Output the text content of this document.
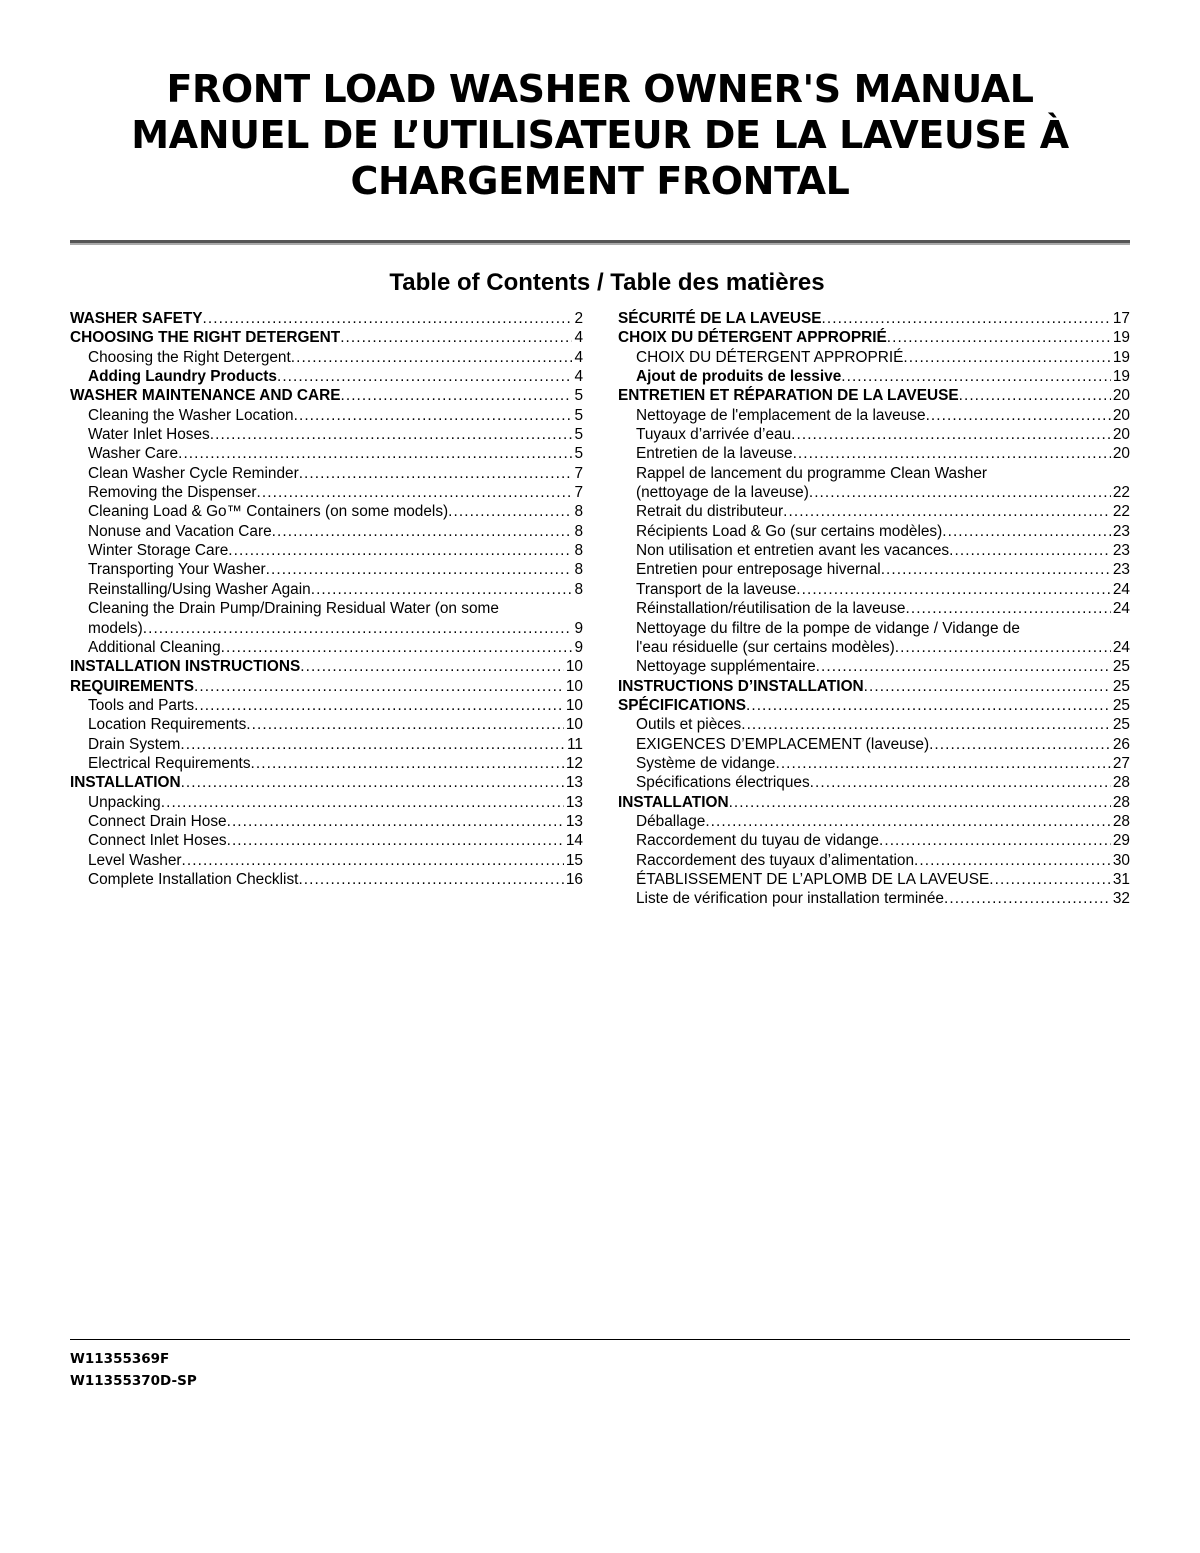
FRONT LOAD WASHER OWNER'S MANUAL
MANUEL DE L’UTILISATEUR DE LA LAVEUSE À
CHARGEMENT FRONTAL
Table of Contents / Table des matières
WASHER SAFETY . . .	2
CHOOSING THE RIGHT DETERGENT . . .	4
Choosing the Right Detergent . . .	4
Adding Laundry Products . . .	4
WASHER MAINTENANCE AND CARE . . .	5
Cleaning the Washer Location . . .	5
Water Inlet Hoses . . .	5
Washer Care . . .	5
Clean Washer Cycle Reminder . . .	7
Removing the Dispenser . . .	7
Cleaning Load & Go™ Containers (on some models) . . .	8
Nonuse and Vacation Care . . .	8
Winter Storage Care . . .	8
Transporting Your Washer . . .	8
Reinstalling/Using Washer Again . . .	8
Cleaning the Drain Pump/Draining Residual Water (on some
models) . . .	9
Additional Cleaning . . .	9
INSTALLATION INSTRUCTIONS . . .	10
REQUIREMENTS . . .	10
Tools and Parts . . .	10
Location Requirements . . .	10
Drain System . . .	11
Electrical Requirements . . .	12
INSTALLATION . . .	13
Unpacking . . .	13
Connect Drain Hose . . .	13
Connect Inlet Hoses . . .	14
Level Washer . . .	15
Complete Installation Checklist . . .	16
SÉCURITÉ DE LA LAVEUSE . . .	17
CHOIX DU DÉTERGENT APPROPRIÉ . . .	19
CHOIX DU DÉTERGENT APPROPRIÉ . . .	19
Ajout de produits de lessive . . .	19
ENTRETIEN ET RÉPARATION DE LA LAVEUSE . . .	20
Nettoyage de l'emplacement de la laveuse . . .	20
Tuyaux d’arrivée d’eau . . .	20
Entretien de la laveuse . . .	20
Rappel de lancement du programme Clean Washer
(nettoyage de la laveuse) . . .	22
Retrait du distributeur . . .	22
Récipients Load & Go (sur certains modèles) . . .	23
Non utilisation et entretien avant les vacances . . .	23
Entretien pour entreposage hivernal . . .	23
Transport de la laveuse . . .	24
Réinstallation/réutilisation de la laveuse . . .	24
Nettoyage du filtre de la pompe de vidange / Vidange de
l'eau résiduelle (sur certains modèles) . . .	24
Nettoyage supplémentaire . . .	25
INSTRUCTIONS D’INSTALLATION . . .	25
SPÉCIFICATIONS . . .	25
Outils et pièces . . .	25
EXIGENCES D’EMPLACEMENT (laveuse) . . .	26
Système de vidange . . .	27
Spécifications électriques . . .	28
INSTALLATION . . .	28
Déballage . . .	28
Raccordement du tuyau de vidange . . .	29
Raccordement des tuyaux d’alimentation . . .	30
ÉTABLISSEMENT DE L’APLOMB DE LA LAVEUSE . . .	31
Liste de vérification pour installation terminée . . .	32
W11355369F
W11355370D-SP
